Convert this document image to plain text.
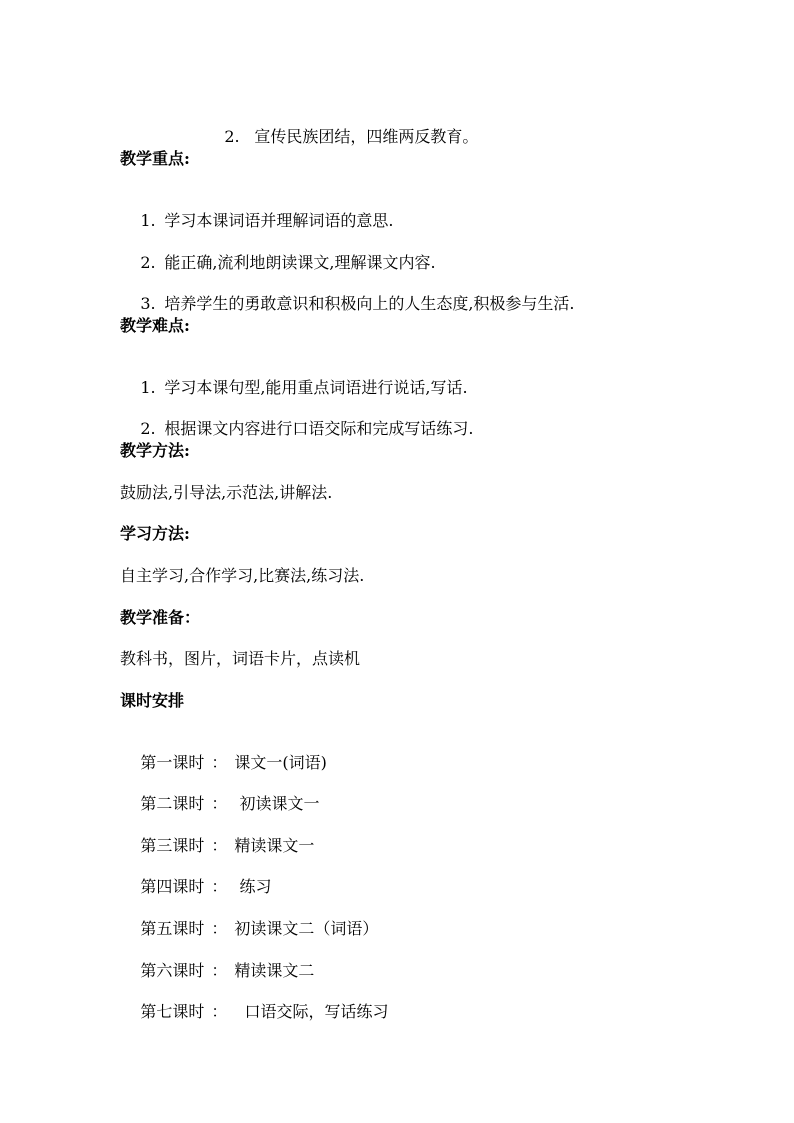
2. 宣传民族团结，四维两反教育。

教学重点:

1. 学习本课词语并理解词语的意思.

2. 能正确,流利地朗读课文,理解课文内容.

3. 培养学生的勇敢意识和积极向上的人生态度,积极参与生活.

教学难点:

1. 学习本课句型,能用重点词语进行说话,写话.

2. 根据课文内容进行口语交际和完成写话练习.

教学方法:
鼓励法,引导法,示范法,讲解法.
学习方法:
自主学习,合作学习,比赛法,练习法.
教学准备：
教科书，图片，词语卡片，点读机
课时安排

第一课时 ： 课文一(词语)

第二课时 ： 初读课文一

第三课时 ： 精读课文一

第四课时 ： 练习

第五课时 ： 初读课文二（词语）

第六课时 ： 精读课文二

第七课时 ：  口语交际，写话练习
